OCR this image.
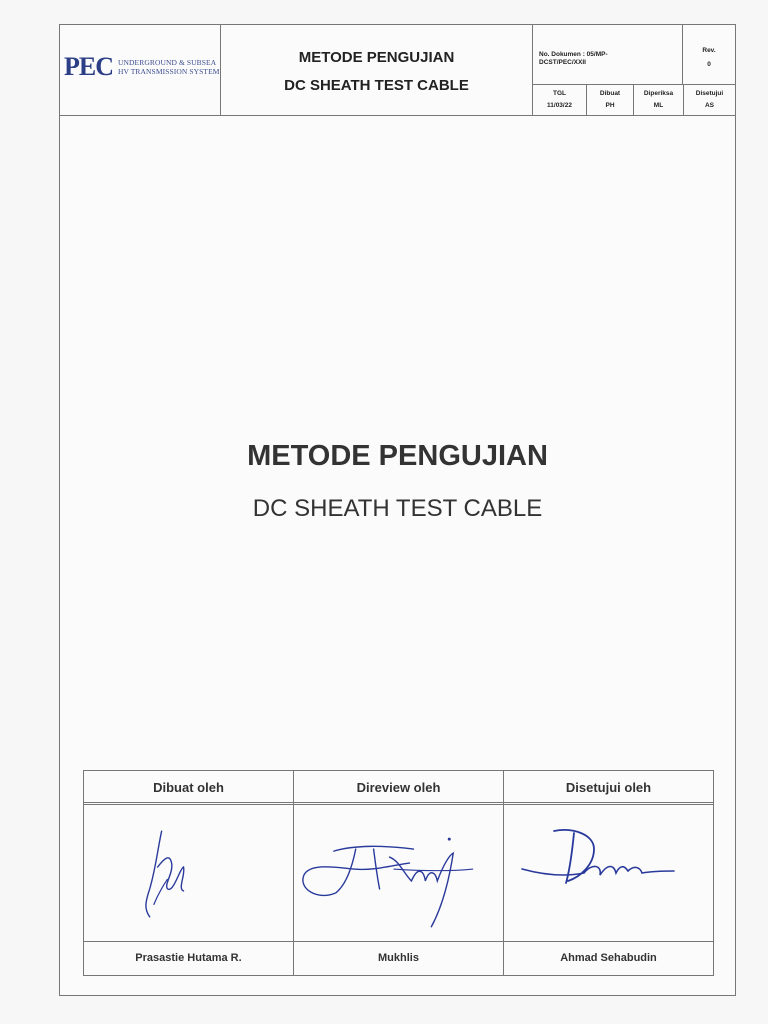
PEC UNDERGROUND & SUBSEA
HV TRANSMISSION SYSTEM
METODE PENGUJIAN
DC SHEATH TEST CABLE
No. Dokumen : 05/MP-
DCST/PEC/XXII
Rev.
0
TGL
11/03/22
Dibuat
PH
Diperiksa
ML
Disetujui
AS
METODE PENGUJIAN
DC SHEATH TEST CABLE
Dibuat oleh
Prasastie Hutama R.
Direview oleh
Mukhlis
Disetujui oleh
Ahmad Sehabudin
